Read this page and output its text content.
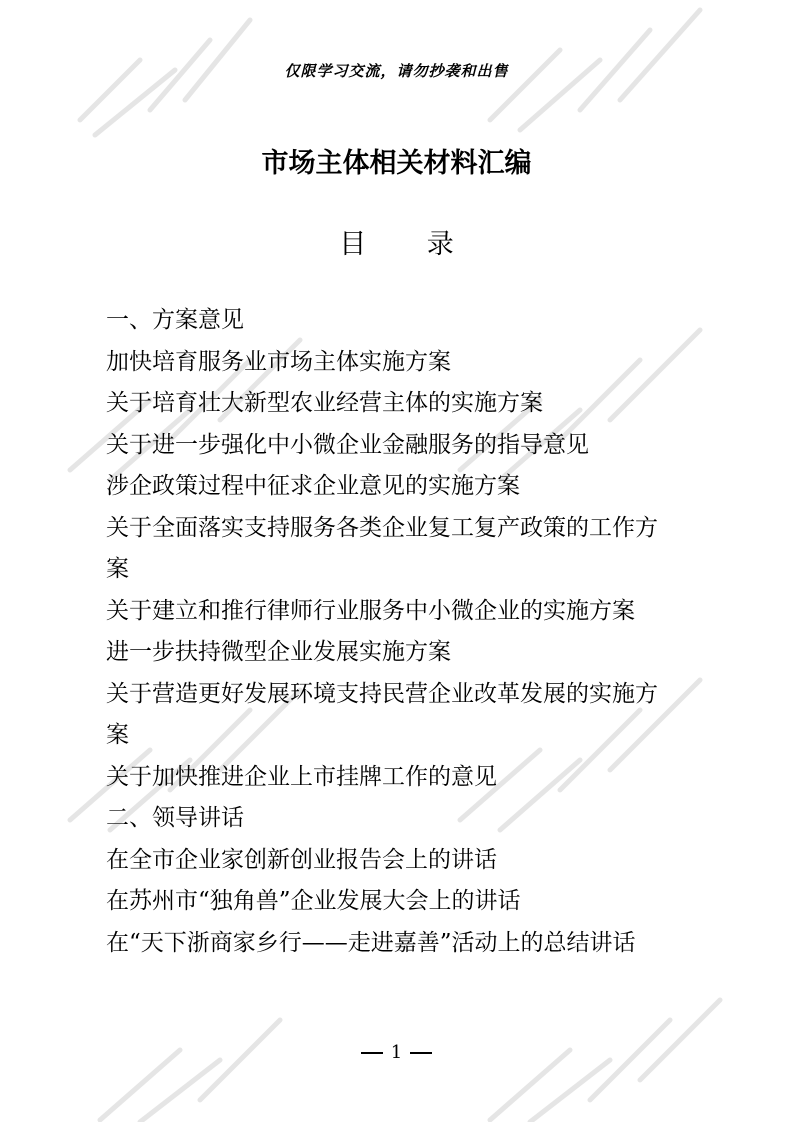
仅限学习交流，请勿抄袭和出售
市场主体相关材料汇编
目 录
一、方案意见
加快培育服务业市场主体实施方案
关于培育壮大新型农业经营主体的实施方案
关于进一步强化中小微企业金融服务的指导意见
涉企政策过程中征求企业意见的实施方案
关于全面落实支持服务各类企业复工复产政策的工作方
案
关于建立和推行律师行业服务中小微企业的实施方案
进一步扶持微型企业发展实施方案
关于营造更好发展环境支持民营企业改革发展的实施方
案
关于加快推进企业上市挂牌工作的意见
二、领导讲话
在全市企业家创新创业报告会上的讲话
在苏州市“独角兽”企业发展大会上的讲话
在“天下浙商家乡行——走进嘉善”活动上的总结讲话
1
